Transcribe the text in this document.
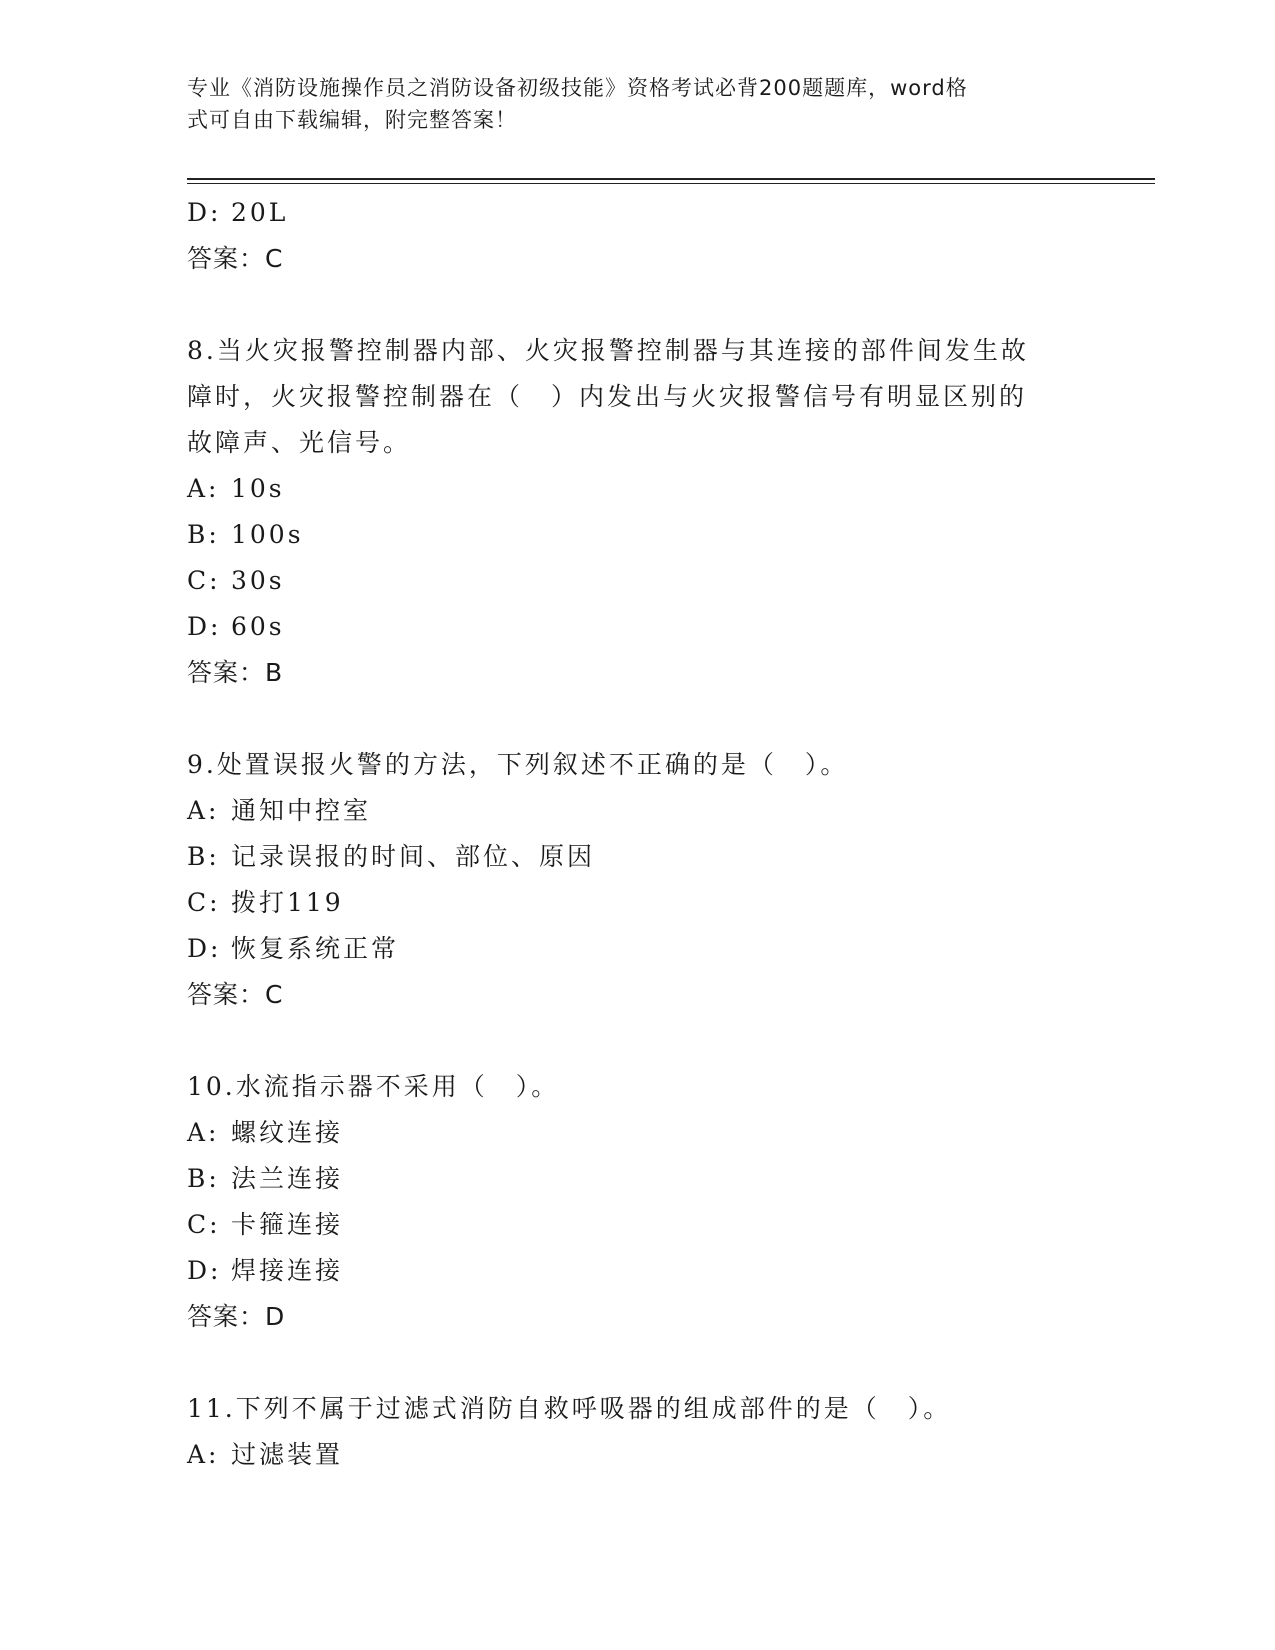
专业《消防设施操作员之消防设备初级技能》资格考试必背200题题库，word格
式可自由下载编辑，附完整答案！
D: 20L
答案：C
8.当火灾报警控制器内部、火灾报警控制器与其连接的部件间发生故
障时，火灾报警控制器在（　）内发出与火灾报警信号有明显区别的
故障声、光信号。
A: 10s
B: 100s
C: 30s
D: 60s
答案：B
9.处置误报火警的方法，下列叙述不正确的是（　）。
A: 通知中控室
B: 记录误报的时间、部位、原因
C: 拨打119
D: 恢复系统正常
答案：C
10.水流指示器不采用（　）。
A: 螺纹连接
B: 法兰连接
C: 卡箍连接
D: 焊接连接
答案：D
11.下列不属于过滤式消防自救呼吸器的组成部件的是（　）。
A: 过滤装置
